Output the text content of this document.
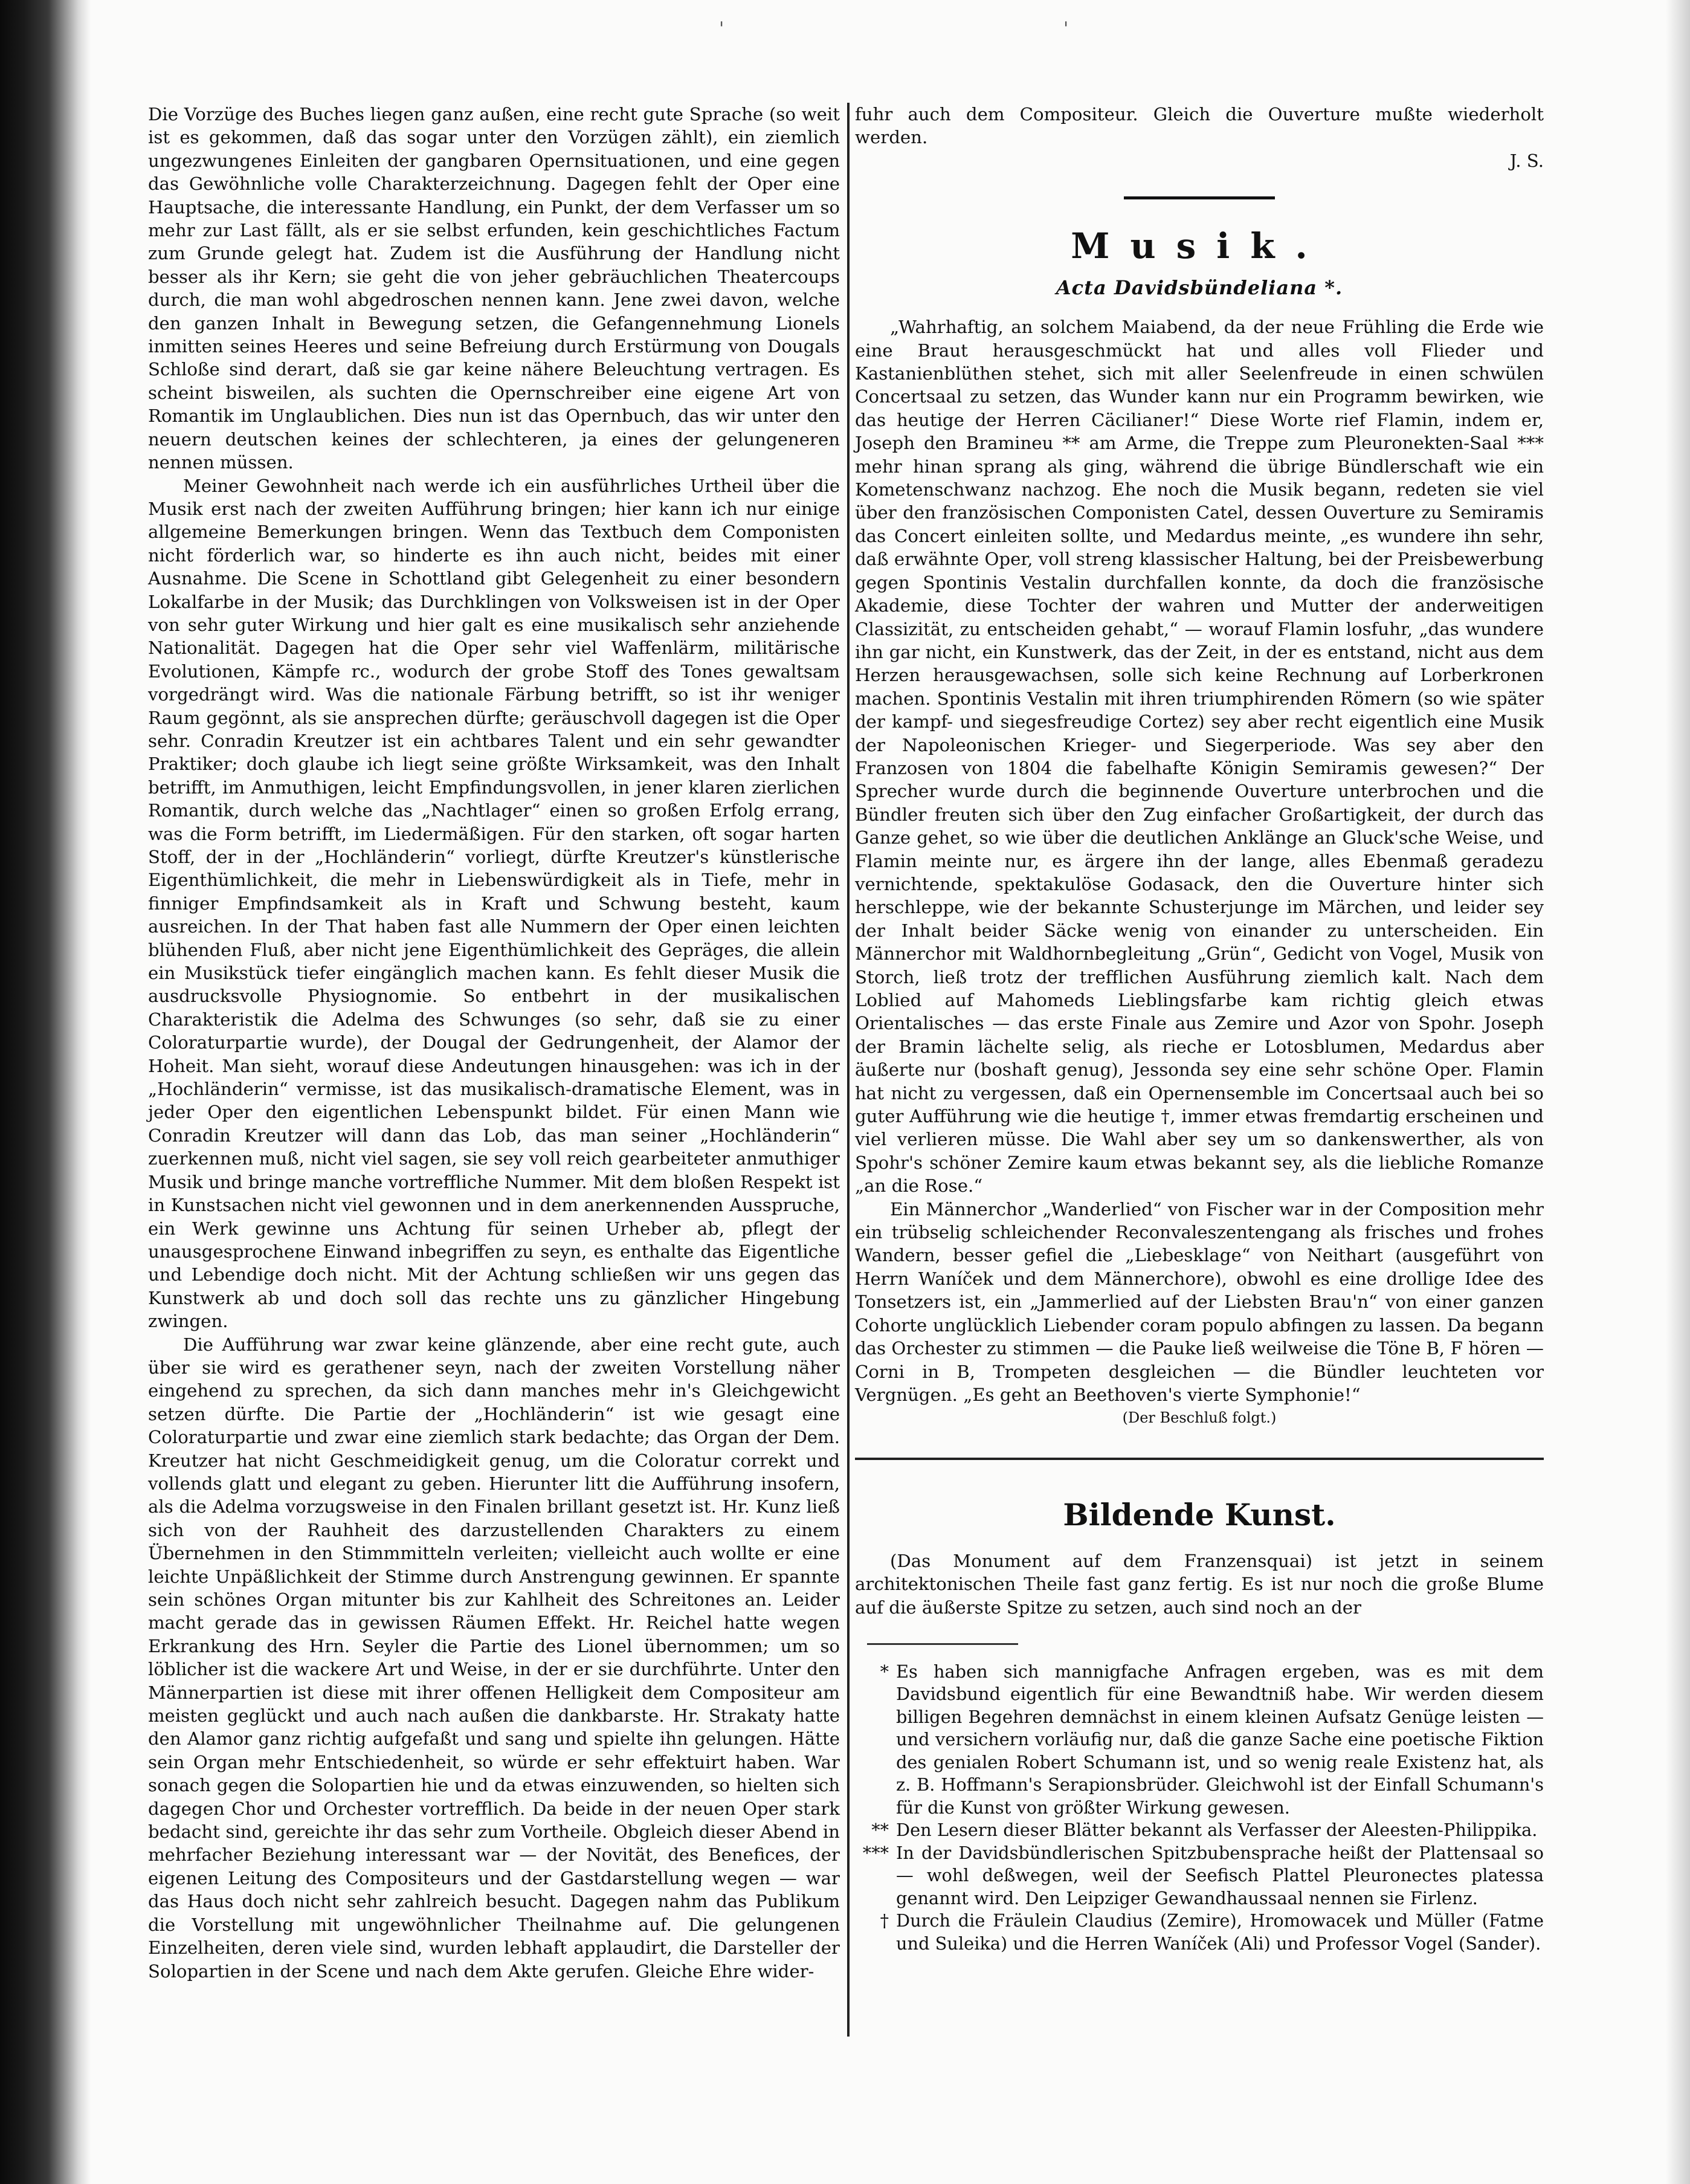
'	'

Die Vorzüge des Buches liegen ganz außen, eine recht gute Sprache (so weit ist es gekommen, daß das sogar unter den Vorzügen zählt), ein ziemlich ungezwungenes Einleiten der gangbaren Opernsituationen, und eine gegen das Gewöhnliche volle Charakterzeichnung. Dagegen fehlt der Oper eine Hauptsache, die interessante Handlung, ein Punkt, der dem Verfasser um so mehr zur Last fällt, als er sie selbst erfunden, kein geschichtliches Factum zum Grunde gelegt hat. Zudem ist die Ausführung der Handlung nicht besser als ihr Kern; sie geht die von jeher gebräuchlichen Theatercoups durch, die man wohl abgedroschen nennen kann. Jene zwei davon, welche den ganzen Inhalt in Bewegung setzen, die Gefangennehmung Lionels inmitten seines Heeres und seine Befreiung durch Erstürmung von Dougals Schloße sind derart, daß sie gar keine nähere Beleuchtung vertragen. Es scheint bisweilen, als suchten die Opernschreiber eine eigene Art von Romantik im Unglaublichen. Dies nun ist das Opernbuch, das wir unter den neuern deutschen keines der schlechteren, ja eines der gelungeneren nennen müssen.

Meiner Gewohnheit nach werde ich ein ausführliches Urtheil über die Musik erst nach der zweiten Aufführung bringen; hier kann ich nur einige allgemeine Bemerkungen bringen. Wenn das Textbuch dem Componisten nicht förderlich war, so hinderte es ihn auch nicht, beides mit einer Ausnahme. Die Scene in Schottland gibt Gelegenheit zu einer besondern Lokalfarbe in der Musik; das Durchklingen von Volksweisen ist in der Oper von sehr guter Wirkung und hier galt es eine musikalisch sehr anziehende Nationalität. Dagegen hat die Oper sehr viel Waffenlärm, militärische Evolutionen, Kämpfe rc., wodurch der grobe Stoff des Tones gewaltsam vorgedrängt wird. Was die nationale Färbung betrifft, so ist ihr weniger Raum gegönnt, als sie ansprechen dürfte; geräuschvoll dagegen ist die Oper sehr. Conradin Kreutzer ist ein achtbares Talent und ein sehr gewandter Praktiker; doch glaube ich liegt seine größte Wirksamkeit, was den Inhalt betrifft, im Anmuthigen, leicht Empfindungsvollen, in jener klaren zierlichen Romantik, durch welche das „Nachtlager“ einen so großen Erfolg errang, was die Form betrifft, im Liedermäßigen. Für den starken, oft sogar harten Stoff, der in der „Hochländerin“ vorliegt, dürfte Kreutzer's künstlerische Eigenthümlichkeit, die mehr in Liebenswürdigkeit als in Tiefe, mehr in finniger Empfindsamkeit als in Kraft und Schwung besteht, kaum ausreichen. In der That haben fast alle Nummern der Oper einen leichten blühenden Fluß, aber nicht jene Eigenthümlichkeit des Gepräges, die allein ein Musikstück tiefer eingänglich machen kann. Es fehlt dieser Musik die ausdrucksvolle Physiognomie. So entbehrt in der musikalischen Charakteristik die Adelma des Schwunges (so sehr, daß sie zu einer Coloraturpartie wurde), der Dougal der Gedrungenheit, der Alamor der Hoheit. Man sieht, worauf diese Andeutungen hinausgehen: was ich in der „Hochländerin“ vermisse, ist das musikalisch-dramatische Element, was in jeder Oper den eigentlichen Lebenspunkt bildet. Für einen Mann wie Conradin Kreutzer will dann das Lob, das man seiner „Hochländerin“ zuerkennen muß, nicht viel sagen, sie sey voll reich gearbeiteter anmuthiger Musik und bringe manche vortreffliche Nummer. Mit dem bloßen Respekt ist in Kunstsachen nicht viel gewonnen und in dem anerkennenden Ausspruche, ein Werk gewinne uns Achtung für seinen Urheber ab, pflegt der unausgesprochene Einwand inbegriffen zu seyn, es enthalte das Eigentliche und Lebendige doch nicht. Mit der Achtung schließen wir uns gegen das Kunstwerk ab und doch soll das rechte uns zu gänzlicher Hingebung zwingen.

Die Aufführung war zwar keine glänzende, aber eine recht gute, auch über sie wird es gerathener seyn, nach der zweiten Vorstellung näher eingehend zu sprechen, da sich dann manches mehr in's Gleichgewicht setzen dürfte. Die Partie der „Hochländerin“ ist wie gesagt eine Coloraturpartie und zwar eine ziemlich stark bedachte; das Organ der Dem. Kreutzer hat nicht Geschmeidigkeit genug, um die Coloratur correkt und vollends glatt und elegant zu geben. Hierunter litt die Aufführung insofern, als die Adelma vorzugsweise in den Finalen brillant gesetzt ist. Hr. Kunz ließ sich von der Rauhheit des darzustellenden Charakters zu einem Übernehmen in den Stimmmitteln verleiten; vielleicht auch wollte er eine leichte Unpäßlichkeit der Stimme durch Anstrengung gewinnen. Er spannte sein schönes Organ mitunter bis zur Kahlheit des Schreitones an. Leider macht gerade das in gewissen Räumen Effekt. Hr. Reichel hatte wegen Erkrankung des Hrn. Seyler die Partie des Lionel übernommen; um so löblicher ist die wackere Art und Weise, in der er sie durchführte. Unter den Männerpartien ist diese mit ihrer offenen Helligkeit dem Compositeur am meisten geglückt und auch nach außen die dankbarste. Hr. Strakaty hatte den Alamor ganz richtig aufgefaßt und sang und spielte ihn gelungen. Hätte sein Organ mehr Entschiedenheit, so würde er sehr effektuirt haben. War sonach gegen die Solopartien hie und da etwas einzuwenden, so hielten sich dagegen Chor und Orchester vortrefflich. Da beide in der neuen Oper stark bedacht sind, gereichte ihr das sehr zum Vortheile. Obgleich dieser Abend in mehrfacher Beziehung interessant war — der Novität, des Benefices, der eigenen Leitung des Compositeurs und der Gastdarstellung wegen — war das Haus doch nicht sehr zahlreich besucht. Dagegen nahm das Publikum die Vorstellung mit ungewöhnlicher Theilnahme auf. Die gelungenen Einzelheiten, deren viele sind, wurden lebhaft applaudirt, die Darsteller der Solopartien in der Scene und nach dem Akte gerufen. Gleiche Ehre wider-

fuhr auch dem Compositeur. Gleich die Ouverture mußte wiederholt werden.

J. S.

Musik.
Acta Davidsbündeliana *.

„Wahrhaftig, an solchem Maiabend, da der neue Frühling die Erde wie eine Braut herausgeschmückt hat und alles voll Flieder und Kastanienblüthen stehet, sich mit aller Seelenfreude in einen schwülen Concertsaal zu setzen, das Wunder kann nur ein Programm bewirken, wie das heutige der Herren Cäcilianer!“ Diese Worte rief Flamin, indem er, Joseph den Bramineu ** am Arme, die Treppe zum Pleuronekten-Saal *** mehr hinan sprang als ging, während die übrige Bündlerschaft wie ein Kometenschwanz nachzog. Ehe noch die Musik begann, redeten sie viel über den französischen Componisten Catel, dessen Ouverture zu Semiramis das Concert einleiten sollte, und Medardus meinte, „es wundere ihn sehr, daß erwähnte Oper, voll streng klassischer Haltung, bei der Preisbewerbung gegen Spontinis Vestalin durchfallen konnte, da doch die französische Akademie, diese Tochter der wahren und Mutter der anderweitigen Classizität, zu entscheiden gehabt,“ — worauf Flamin losfuhr, „das wundere ihn gar nicht, ein Kunstwerk, das der Zeit, in der es entstand, nicht aus dem Herzen herausgewachsen, solle sich keine Rechnung auf Lorberkronen machen. Spontinis Vestalin mit ihren triumphirenden Römern (so wie später der kampf- und siegesfreudige Cortez) sey aber recht eigentlich eine Musik der Napoleonischen Krieger- und Siegerperiode. Was sey aber den Franzosen von 1804 die fabelhafte Königin Semiramis gewesen?“ Der Sprecher wurde durch die beginnende Ouverture unterbrochen und die Bündler freuten sich über den Zug einfacher Großartigkeit, der durch das Ganze gehet, so wie über die deutlichen Anklänge an Gluck'sche Weise, und Flamin meinte nur, es ärgere ihn der lange, alles Ebenmaß geradezu vernichtende, spektakulöse Godasack, den die Ouverture hinter sich herschleppe, wie der bekannte Schusterjunge im Märchen, und leider sey der Inhalt beider Säcke wenig von einander zu unterscheiden. Ein Männerchor mit Waldhornbegleitung „Grün“, Gedicht von Vogel, Musik von Storch, ließ trotz der trefflichen Ausführung ziemlich kalt. Nach dem Loblied auf Mahomeds Lieblingsfarbe kam richtig gleich etwas Orientalisches — das erste Finale aus Zemire und Azor von Spohr. Joseph der Bramin lächelte selig, als rieche er Lotosblumen, Medardus aber äußerte nur (boshaft genug), Jessonda sey eine sehr schöne Oper. Flamin hat nicht zu vergessen, daß ein Opernensemble im Concertsaal auch bei so guter Aufführung wie die heutige †, immer etwas fremdartig erscheinen und viel verlieren müsse. Die Wahl aber sey um so dankenswerther, als von Spohr's schöner Zemire kaum etwas bekannt sey, als die liebliche Romanze „an die Rose.“

Ein Männerchor „Wanderlied“ von Fischer war in der Composition mehr ein trübselig schleichender Reconvaleszentengang als frisches und frohes Wandern, besser gefiel die „Liebesklage“ von Neithart (ausgeführt von Herrn Waníček und dem Männerchore), obwohl es eine drollige Idee des Tonsetzers ist, ein „Jammerlied auf der Liebsten Brau'n“ von einer ganzen Cohorte unglücklich Liebender coram populo abfingen zu lassen. Da begann das Orchester zu stimmen — die Pauke ließ weilweise die Töne B, F hören — Corni in B, Trompeten desgleichen — die Bündler leuchteten vor Vergnügen. „Es geht an Beethoven's vierte Symphonie!“

(Der Beschluß folgt.)

Bildende Kunst.

(Das Monument auf dem Franzensquai) ist jetzt in seinem architektonischen Theile fast ganz fertig. Es ist nur noch die große Blume auf die äußerste Spitze zu setzen, auch sind noch an der

* Es haben sich mannigfache Anfragen ergeben, was es mit dem Davidsbund eigentlich für eine Bewandtniß habe. Wir werden diesem billigen Begehren demnächst in einem kleinen Aufsatz Genüge leisten — und versichern vorläufig nur, daß die ganze Sache eine poetische Fiktion des genialen Robert Schumann ist, und so wenig reale Existenz hat, als z. B. Hoffmann's Serapionsbrüder. Gleichwohl ist der Einfall Schumann's für die Kunst von größter Wirkung gewesen.
** Den Lesern dieser Blätter bekannt als Verfasser der Aleesten-Philippika.
*** In der Davidsbündlerischen Spitzbubensprache heißt der Plattensaal so — wohl deßwegen, weil der Seefisch Plattel Pleuronectes platessa genannt wird. Den Leipziger Gewandhaussaal nennen sie Firlenz.
† Durch die Fräulein Claudius (Zemire), Hromowacek und Müller (Fatme und Suleika) und die Herren Waníček (Ali) und Professor Vogel (Sander).
